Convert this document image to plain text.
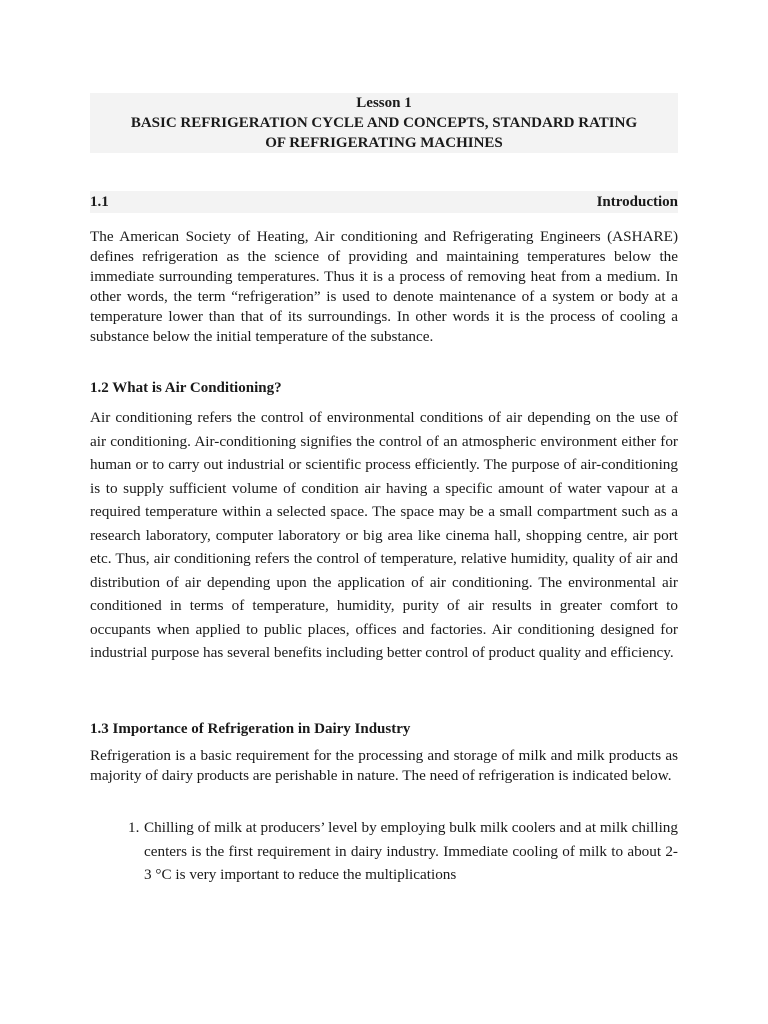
Lesson 1
BASIC REFRIGERATION CYCLE AND CONCEPTS, STANDARD RATING
OF REFRIGERATING MACHINES
1.1	Introduction

The American Society of Heating, Air conditioning and Refrigerating Engineers (ASHARE) defines refrigeration as the science of providing and maintaining temperatures below the immediate surrounding temperatures. Thus it is a process of removing heat from a medium. In other words, the term “refrigeration” is used to denote maintenance of a system or body at a temperature lower than that of its surroundings. In other words it is the process of cooling a substance below the initial temperature of the substance.

1.2 What is Air Conditioning?

Air conditioning refers the control of environmental conditions of air depending on the use of air conditioning. Air-conditioning signifies the control of an atmospheric environment either for human or to carry out industrial or scientific process efficiently. The purpose of air-conditioning is to supply sufficient volume of condition air having a specific amount of water vapour at a required temperature within a selected space. The space may be a small compartment such as a research laboratory, computer laboratory or big area like cinema hall, shopping centre, air port etc. Thus, air conditioning refers the control of temperature, relative humidity, quality of air and distribution of air depending upon the application of air conditioning. The environmental air conditioned in terms of temperature, humidity, purity of air results in greater comfort to occupants when applied to public places, offices and factories. Air conditioning designed for industrial purpose has several benefits including better control of product quality and efficiency.

1.3 Importance of Refrigeration in Dairy Industry

Refrigeration is a basic requirement for the processing and storage of milk and milk products as majority of dairy products are perishable in nature. The need of refrigeration is indicated below.

1. Chilling of milk at producers’ level by employing bulk milk coolers and at milk chilling centers is the first requirement in dairy industry. Immediate cooling of milk to about 2-3 °C is very important to reduce the multiplications
